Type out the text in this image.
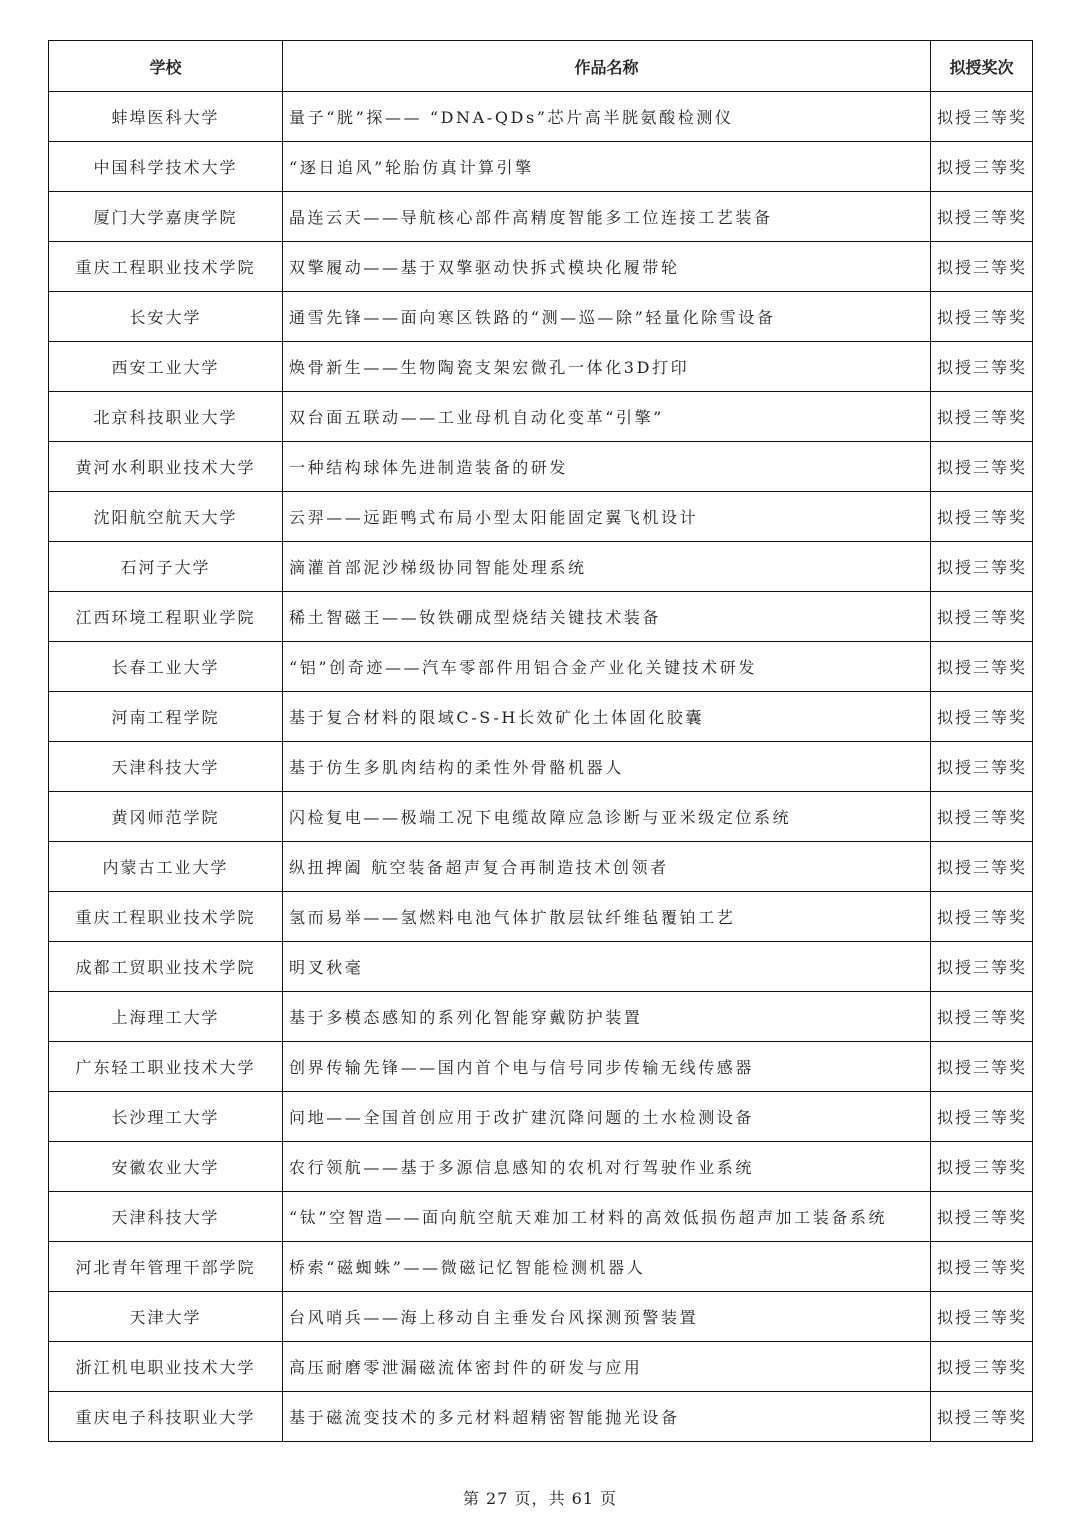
学校	作品名称	拟授奖次
蚌埠医科大学	量子“胱”探—— “DNA-QDs”芯片高半胱氨酸检测仪	拟授三等奖
中国科学技术大学	“逐日追风”轮胎仿真计算引擎	拟授三等奖
厦门大学嘉庚学院	晶连云天——导航核心部件高精度智能多工位连接工艺装备	拟授三等奖
重庆工程职业技术学院	双擎履动——基于双擎驱动快拆式模块化履带轮	拟授三等奖
长安大学	通雪先锋——面向寒区铁路的“测—巡—除”轻量化除雪设备	拟授三等奖
西安工业大学	焕骨新生——生物陶瓷支架宏微孔一体化3D打印	拟授三等奖
北京科技职业大学	双台面五联动——工业母机自动化变革“引擎”	拟授三等奖
黄河水利职业技术大学	一种结构球体先进制造装备的研发	拟授三等奖
沈阳航空航天大学	云羿——远距鸭式布局小型太阳能固定翼飞机设计	拟授三等奖
石河子大学	滴灌首部泥沙梯级协同智能处理系统	拟授三等奖
江西环境工程职业学院	稀土智磁王——钕铁硼成型烧结关键技术装备	拟授三等奖
长春工业大学	“铝”创奇迹——汽车零部件用铝合金产业化关键技术研发	拟授三等奖
河南工程学院	基于复合材料的限域C-S-H长效矿化土体固化胶囊	拟授三等奖
天津科技大学	基于仿生多肌肉结构的柔性外骨骼机器人	拟授三等奖
黄冈师范学院	闪检复电——极端工况下电缆故障应急诊断与亚米级定位系统	拟授三等奖
内蒙古工业大学	纵扭捭阖 航空装备超声复合再制造技术创领者	拟授三等奖
重庆工程职业技术学院	氢而易举——氢燃料电池气体扩散层钛纤维毡覆铂工艺	拟授三等奖
成都工贸职业技术学院	明叉秋毫	拟授三等奖
上海理工大学	基于多模态感知的系列化智能穿戴防护装置	拟授三等奖
广东轻工职业技术大学	创界传输先锋——国内首个电与信号同步传输无线传感器	拟授三等奖
长沙理工大学	问地——全国首创应用于改扩建沉降问题的土水检测设备	拟授三等奖
安徽农业大学	农行领航——基于多源信息感知的农机对行驾驶作业系统	拟授三等奖
天津科技大学	“钛”空智造——面向航空航天难加工材料的高效低损伤超声加工装备系统	拟授三等奖
河北青年管理干部学院	桥索“磁蜘蛛”——微磁记忆智能检测机器人	拟授三等奖
天津大学	台风哨兵——海上移动自主垂发台风探测预警装置	拟授三等奖
浙江机电职业技术大学	高压耐磨零泄漏磁流体密封件的研发与应用	拟授三等奖
重庆电子科技职业大学	基于磁流变技术的多元材料超精密智能抛光设备	拟授三等奖
第 27 页，共 61 页
